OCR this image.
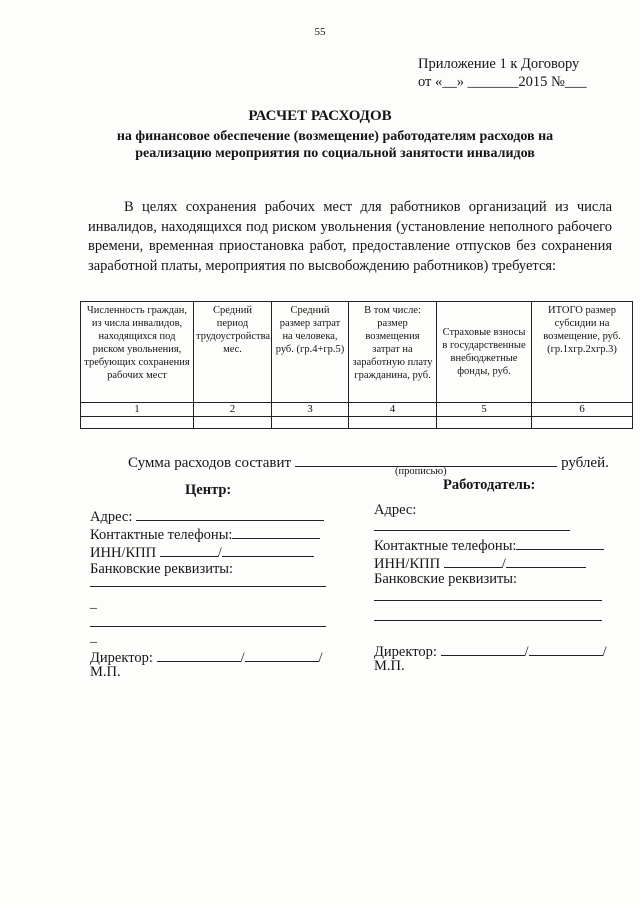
55
Приложение 1 к Договору
от «__» _______2015 №___
РАСЧЕТ РАСХОДОВ
на финансовое обеспечение (возмещение) работодателям расходов на реализацию мероприятия по социальной занятости инвалидов
В целях сохранения рабочих мест для работников организаций из числа инвалидов, находящихся под риском увольнения (установление неполного рабочего времени, временная приостановка работ, предоставление отпусков без сохранения заработной платы, мероприятия по высвобождению работников) требуется:
Численность граждан, из числа инвалидов, находящихся под риском увольнения, требующих сохранения рабочих мест	Средний период трудоустройства, мес.	Средний размер затрат на человека, руб. (гр.4+гр.5)	В том числе: размер возмещения затрат на заработную плату гражданина, руб.	Страховые взносы в государственные внебюджетные фонды, руб.	ИТОГО размер субсидии на возмещение, руб. (гр.1хгр.2хгр.3)
1	2	3	4	5	6

Сумма расходов составит	рублей.
(прописью)
Центр:
Адрес:
Контактные телефоны:
ИНН/КПП	/
Банковские реквизиты:
_
_
Директор:	/	/
М.П.
Работодатель:
Адрес:
Контактные телефоны:
ИНН/КПП	/
Банковские реквизиты:
Директор:	/	/
М.П.
